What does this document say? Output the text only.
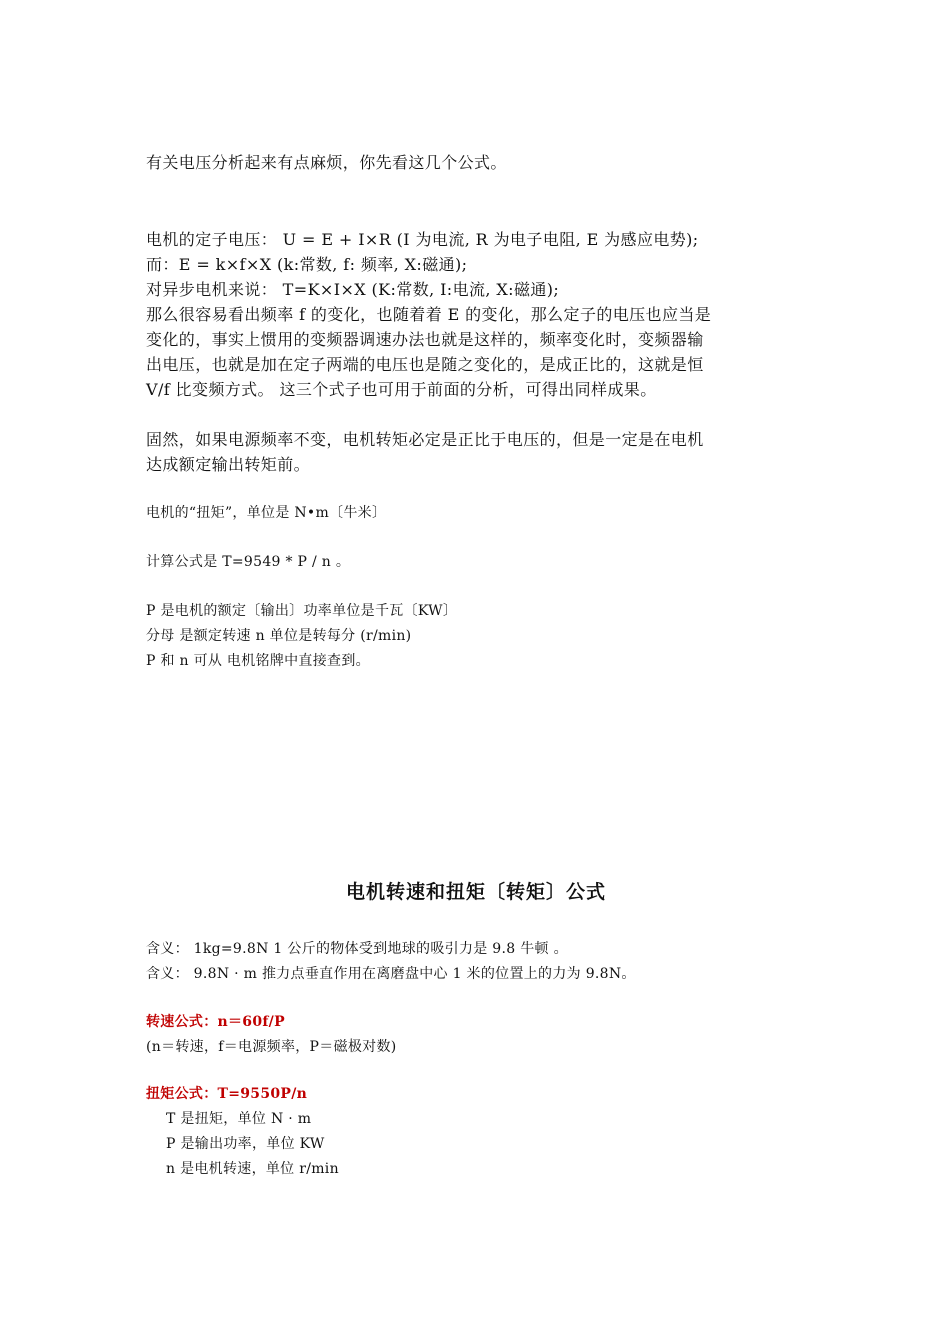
有关电压分析起来有点麻烦，你先看这几个公式。
电机的定子电压： U = E + I×R (I 为电流, R 为电子电阻, E 为感应电势);
而：E = k×f×X (k:常数, f: 频率, X:磁通);
对异步电机来说： T=K×I×X (K:常数, I:电流, X:磁通);
那么很容易看出频率 f 的变化，也随着着 E 的变化，那么定子的电压也应当是
变化的，事实上惯用的变频器调速办法也就是这样的，频率变化时，变频器输
出电压，也就是加在定子两端的电压也是随之变化的，是成正比的，这就是恒
V/f 比变频方式。 这三个式子也可用于前面的分析，可得出同样成果。
固然，如果电源频率不变，电机转矩必定是正比于电压的，但是一定是在电机
达成额定输出转矩前。
电机的“扭矩”，单位是 N•m〔牛米〕
计算公式是 T=9549 * P / n 。
P 是电机的额定〔输出〕功率单位是千瓦〔KW〕
分母 是额定转速 n 单位是转每分 (r/min)
P 和 n 可从 电机铭牌中直接查到。
电机转速和扭矩〔转矩〕公式
含义： 1kg=9.8N 1 公斤的物体受到地球的吸引力是 9.8 牛顿 。
含义： 9.8N · m 推力点垂直作用在离磨盘中心 1 米的位置上的力为 9.8N。
转速公式：n＝60f/P
(n＝转速，f＝电源频率，P＝磁极对数)
扭矩公式：T=9550P/n
T 是扭矩，单位 N · m
P 是输出功率，单位 KW
n 是电机转速，单位 r/min
